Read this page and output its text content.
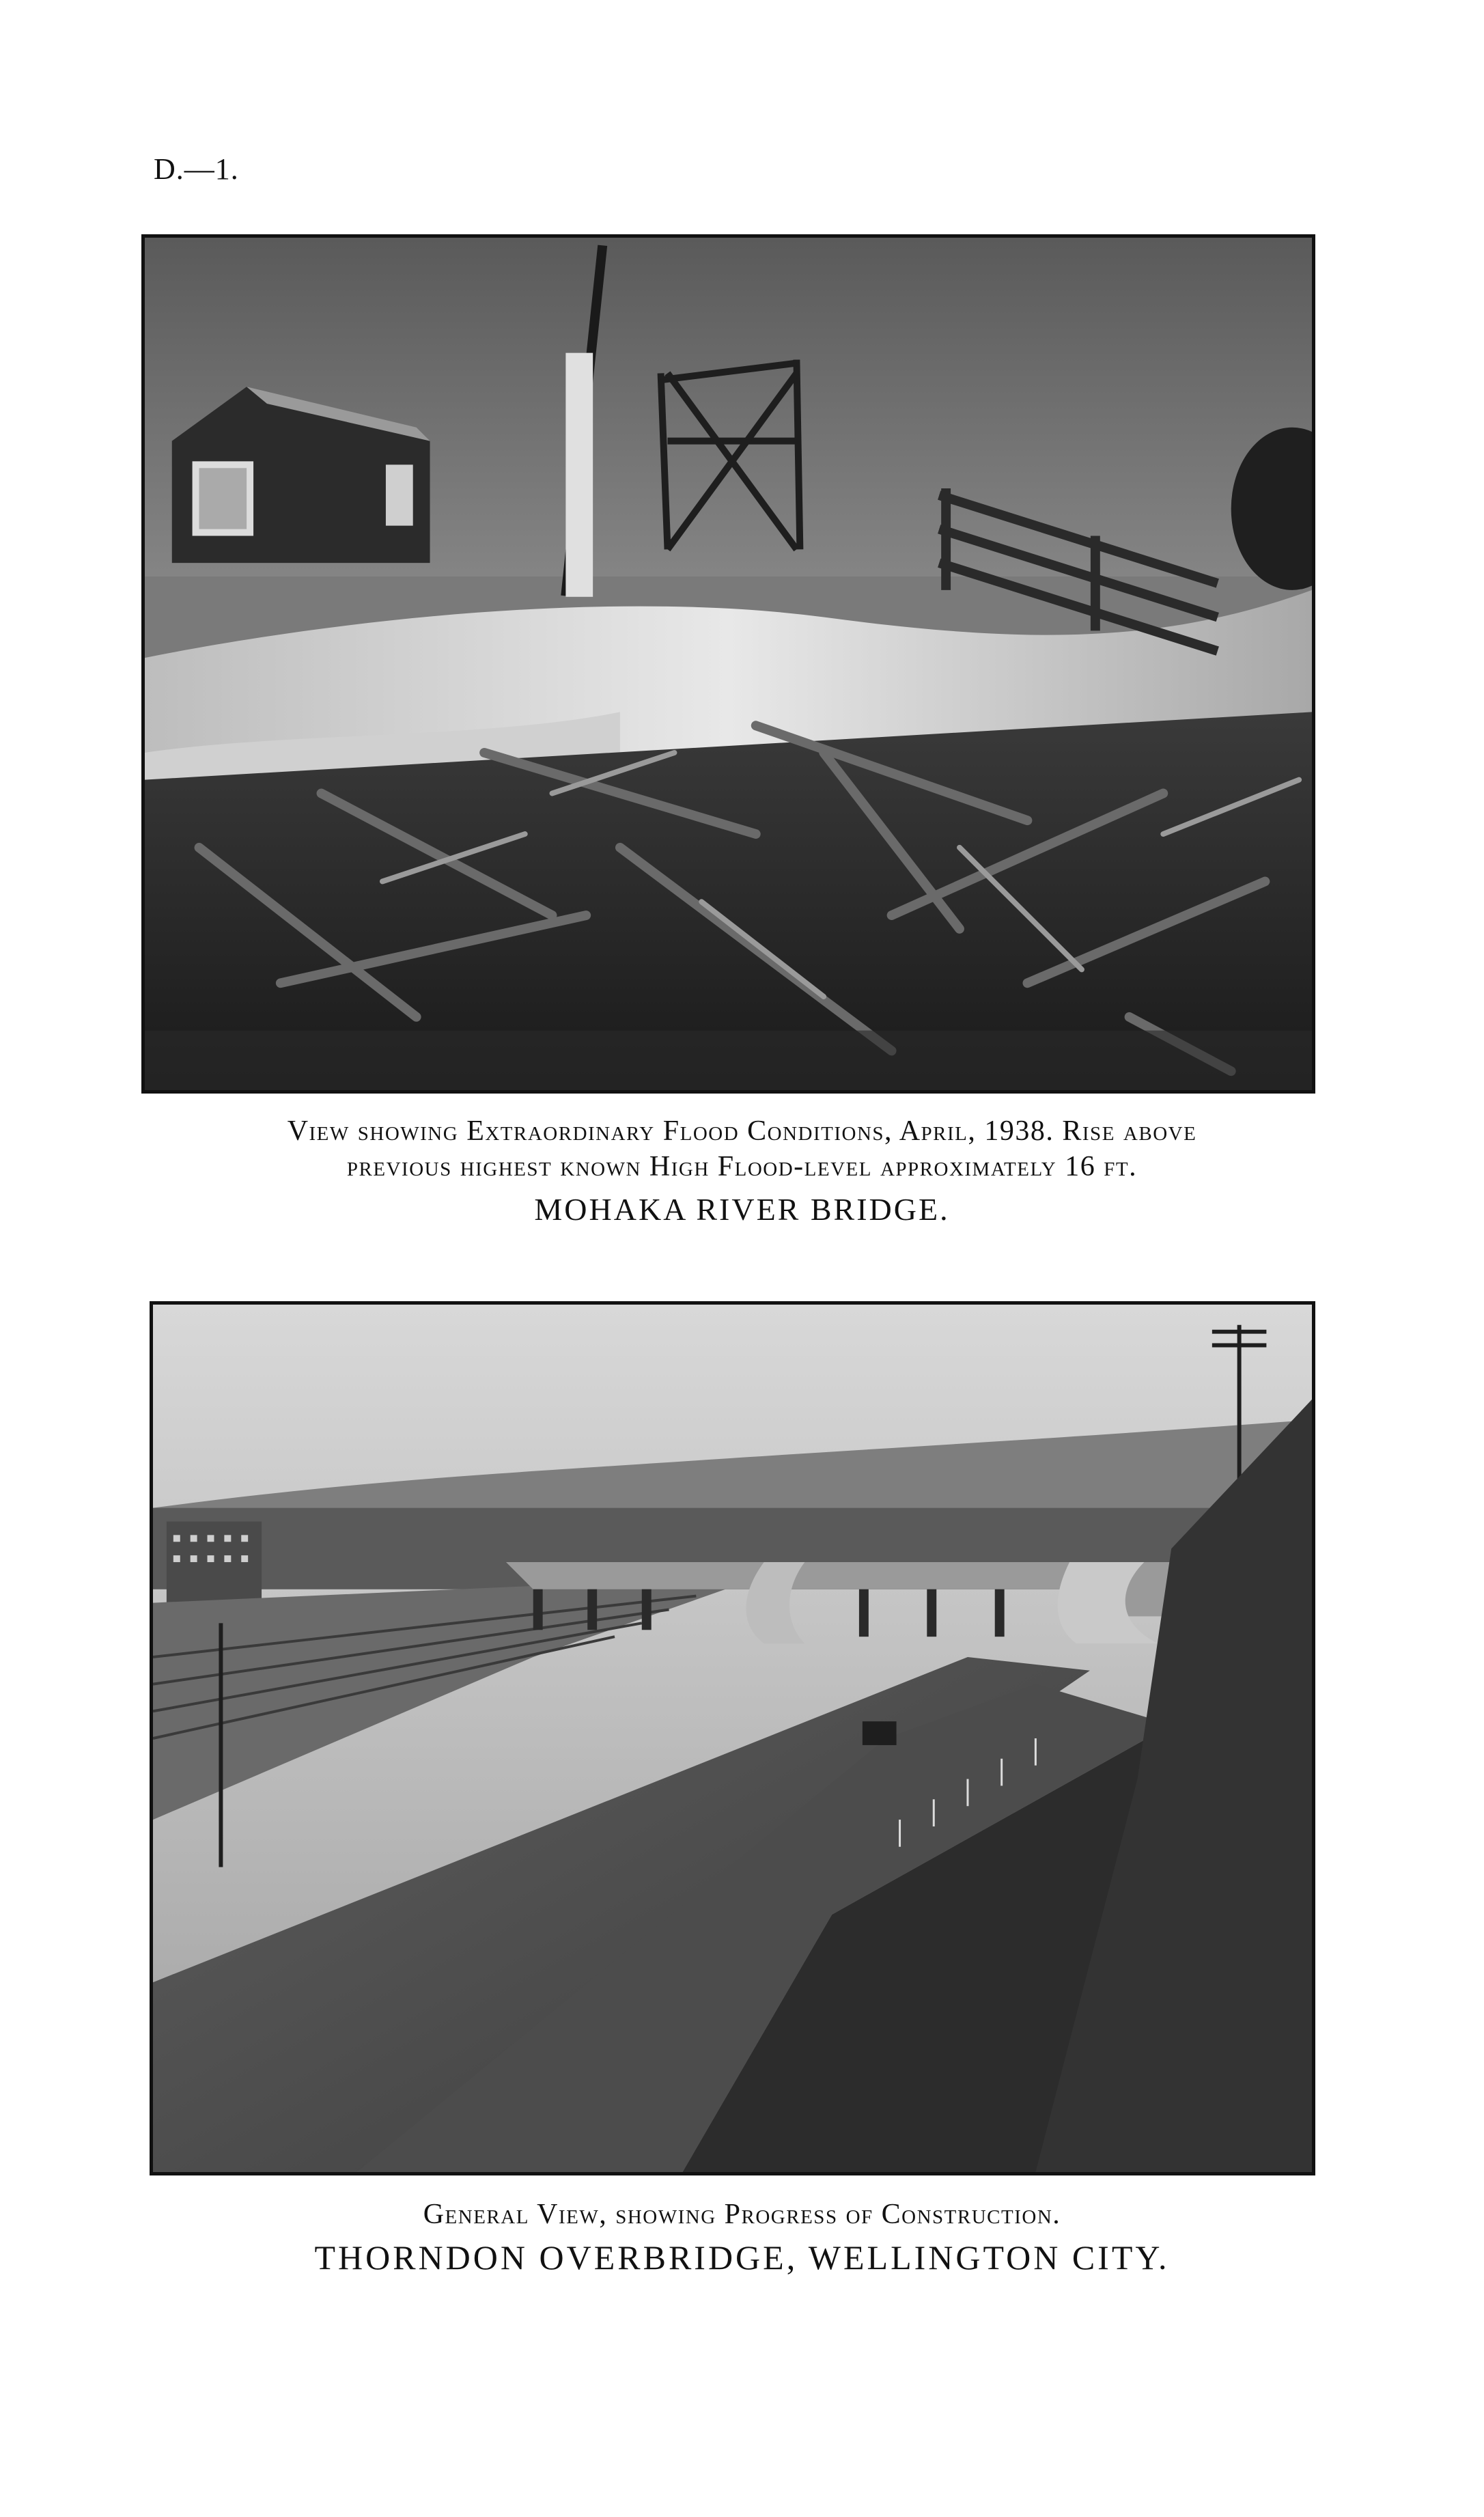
D.—1.
View showing Extraordinary Flood Conditions, April, 1938. Rise above
previous highest known High Flood-level approximately 16 ft.
MOHAKA RIVER BRIDGE.
General View, showing Progress of Construction.
THORNDON OVERBRIDGE, WELLINGTON CITY.
